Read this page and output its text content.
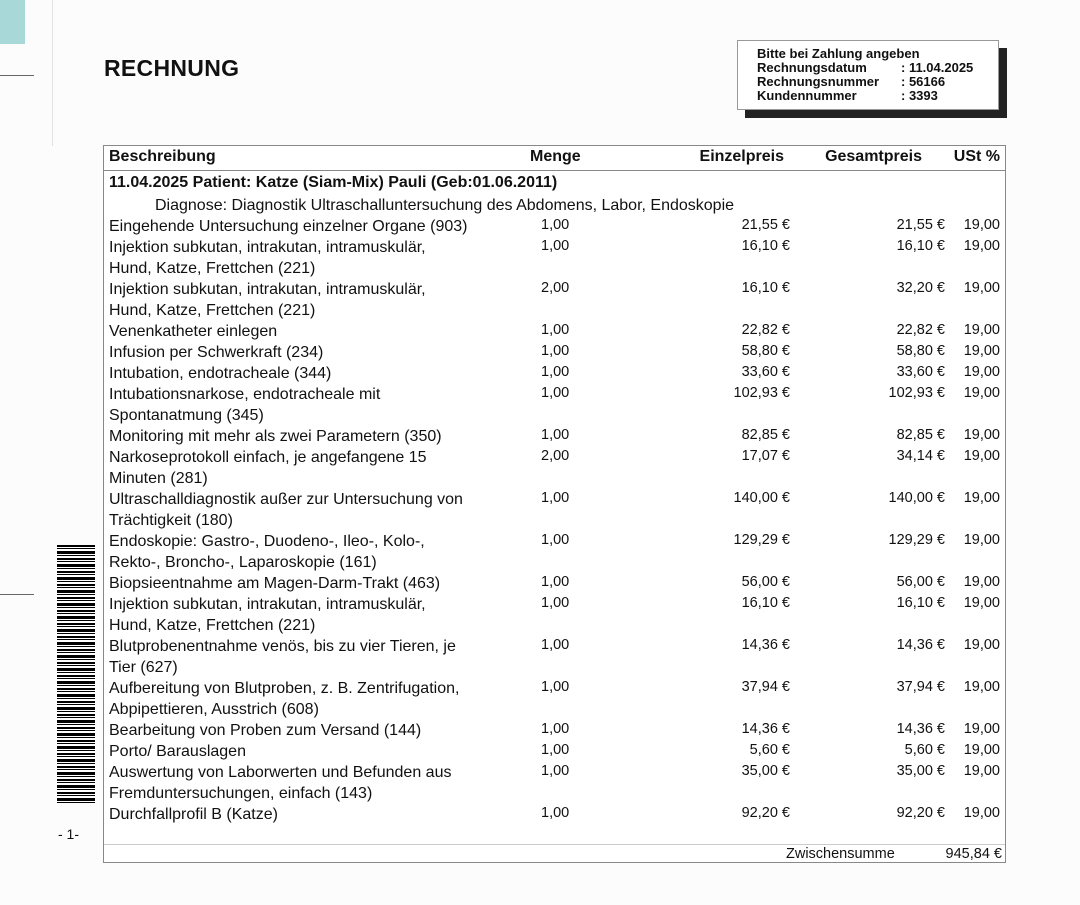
RECHNUNG
Bitte bei Zahlung angeben
Rechnungsdatum	: 11.04.2025
Rechnungsnummer	: 56166
Kundennummer	: 3393
- 1-
Beschreibung	Menge	Einzelpreis	Gesamtpreis USt %
11.04.2025 Patient: Katze (Siam-Mix) Pauli (Geb:01.06.2011)
Diagnose: Diagnostik Ultraschalluntersuchung des Abdomens, Labor, Endoskopie
Eingehende Untersuchung einzelner Organe (903)	1,00	21,55 €	21,55 € 19,00
Injektion subkutan, intrakutan, intramuskulär,
Hund, Katze, Frettchen (221)
1,00	16,10 €	16,10 € 19,00
Injektion subkutan, intrakutan, intramuskulär,
Hund, Katze, Frettchen (221)
2,00	16,10 €	32,20 € 19,00
Venenkatheter einlegen	1,00	22,82 €	22,82 € 19,00
Infusion per Schwerkraft (234)	1,00	58,80 €	58,80 € 19,00
Intubation, endotracheale (344)	1,00	33,60 €	33,60 € 19,00
Intubationsnarkose, endotracheale mit
Spontanatmung (345)
1,00	102,93 €	102,93 € 19,00
Monitoring mit mehr als zwei Parametern (350)	1,00	82,85 €	82,85 € 19,00
Narkoseprotokoll einfach, je angefangene 15
Minuten (281)
2,00	17,07 €	34,14 € 19,00
Ultraschalldiagnostik außer zur Untersuchung von
Trächtigkeit (180)
1,00	140,00 €	140,00 € 19,00
Endoskopie: Gastro-, Duodeno-, Ileo-, Kolo-,
Rekto-, Broncho-, Laparoskopie (161)
1,00	129,29 €	129,29 € 19,00
Biopsieentnahme am Magen-Darm-Trakt (463)	1,00	56,00 €	56,00 € 19,00
Injektion subkutan, intrakutan, intramuskulär,
Hund, Katze, Frettchen (221)
1,00	16,10 €	16,10 € 19,00
Blutprobenentnahme venös, bis zu vier Tieren, je
Tier (627)
1,00	14,36 €	14,36 € 19,00
Aufbereitung von Blutproben, z. B. Zentrifugation,
Abpipettieren, Ausstrich (608)
1,00	37,94 €	37,94 € 19,00
Bearbeitung von Proben zum Versand (144)	1,00	14,36 €	14,36 € 19,00
Porto/ Barauslagen	1,00	5,60 €	5,60 € 19,00
Auswertung von Laborwerten und Befunden aus
Fremduntersuchungen, einfach (143)
1,00	35,00 €	35,00 € 19,00
Durchfallprofil B (Katze)	1,00	92,20 €	92,20 € 19,00
Zwischensumme	945,84 €
